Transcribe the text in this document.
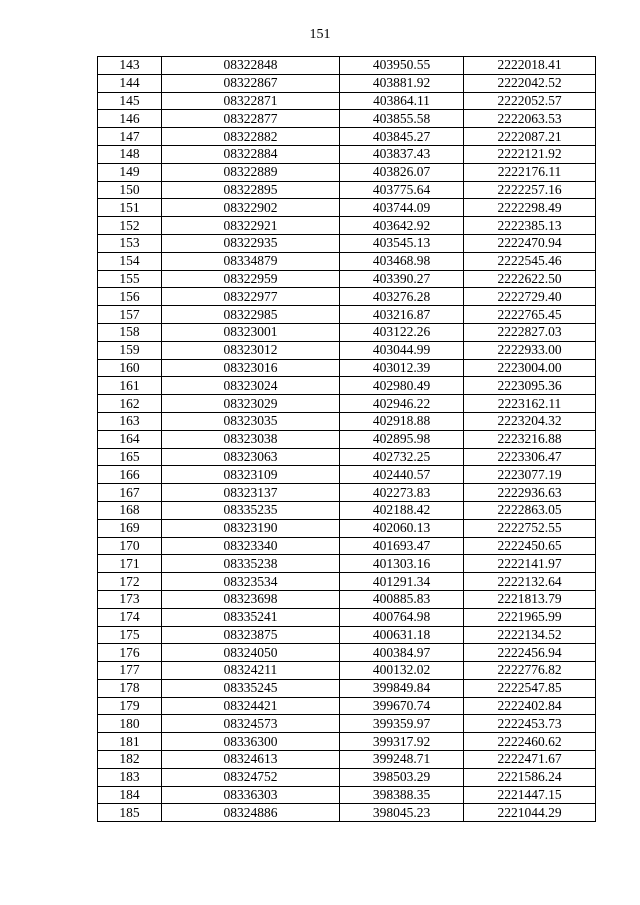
151
143	08322848	403950.55	2222018.41
144	08322867	403881.92	2222042.52
145	08322871	403864.11	2222052.57
146	08322877	403855.58	2222063.53
147	08322882	403845.27	2222087.21
148	08322884	403837.43	2222121.92
149	08322889	403826.07	2222176.11
150	08322895	403775.64	2222257.16
151	08322902	403744.09	2222298.49
152	08322921	403642.92	2222385.13
153	08322935	403545.13	2222470.94
154	08334879	403468.98	2222545.46
155	08322959	403390.27	2222622.50
156	08322977	403276.28	2222729.40
157	08322985	403216.87	2222765.45
158	08323001	403122.26	2222827.03
159	08323012	403044.99	2222933.00
160	08323016	403012.39	2223004.00
161	08323024	402980.49	2223095.36
162	08323029	402946.22	2223162.11
163	08323035	402918.88	2223204.32
164	08323038	402895.98	2223216.88
165	08323063	402732.25	2223306.47
166	08323109	402440.57	2223077.19
167	08323137	402273.83	2222936.63
168	08335235	402188.42	2222863.05
169	08323190	402060.13	2222752.55
170	08323340	401693.47	2222450.65
171	08335238	401303.16	2222141.97
172	08323534	401291.34	2222132.64
173	08323698	400885.83	2221813.79
174	08335241	400764.98	2221965.99
175	08323875	400631.18	2222134.52
176	08324050	400384.97	2222456.94
177	08324211	400132.02	2222776.82
178	08335245	399849.84	2222547.85
179	08324421	399670.74	2222402.84
180	08324573	399359.97	2222453.73
181	08336300	399317.92	2222460.62
182	08324613	399248.71	2222471.67
183	08324752	398503.29	2221586.24
184	08336303	398388.35	2221447.15
185	08324886	398045.23	2221044.29
